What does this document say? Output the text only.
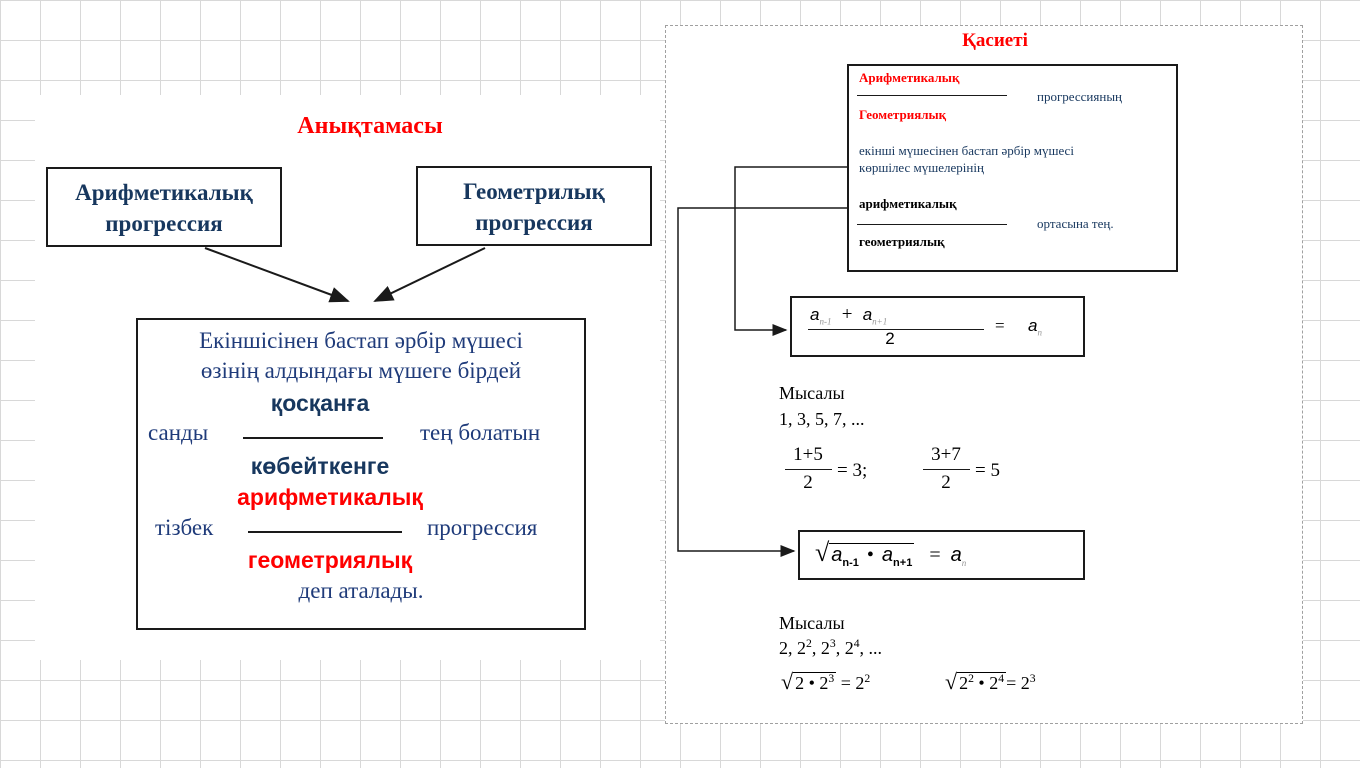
Анықтамасы
Арифметикалық
прогрессия
Геометрилық
прогрессия
Екіншісінен бастап әрбір мүшесі
өзінің алдындағы мүшеге бірдей
қосқанға
санды	тең болатын
көбейткенге
арифметикалық
тізбек	прогрессия
геометриялық
деп аталады.
Қасиеті
Арифметикалық
прогрессияның
Геометриялық
екінші мүшесінен бастап әрбір мүшесі
көршілес мүшелерінің
арифметикалық
ортасына тең.
геометриялық
$a_{n-1} + a_{n+1}$
2
= $a_n$
Мысалы
1, 3, 5, 7, ...
1+5
2
= 3;
3+7
2
= 5
√ $a_{n-1}$ • $a_{n+1} = a_n$
Мысалы
2, $2^2$, $2^3$, $2^4$, ...
√ 2 • $2^3 = 2^2$	√ $2^2$ • $2^4 = 2^3$
